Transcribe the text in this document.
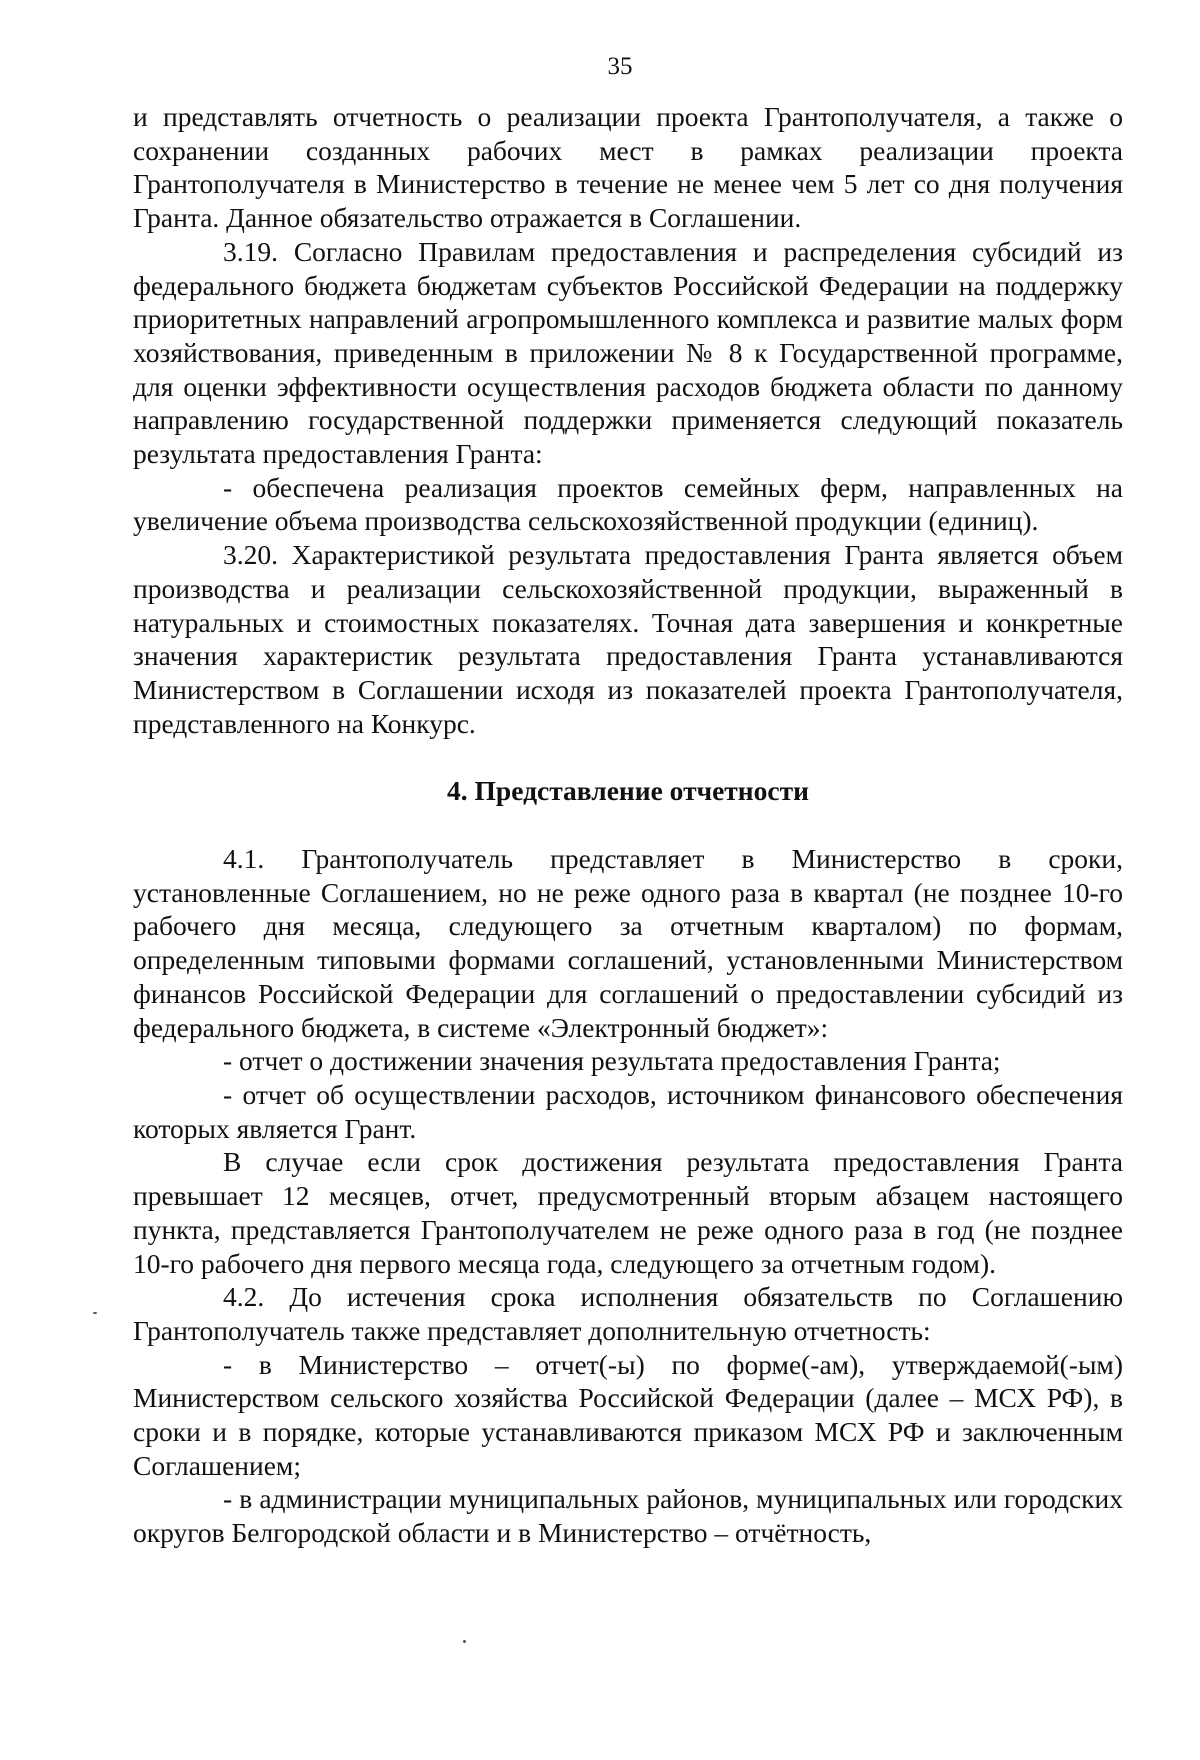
35

и представлять отчетность о реализации проекта Грантополучателя, а также о сохранении созданных рабочих мест в рамках реализации проекта Грантополучателя в Министерство в течение не менее чем 5 лет со дня получения Гранта. Данное обязательство отражается в Соглашении.

3.19. Согласно Правилам предоставления и распределения субсидий из федерального бюджета бюджетам субъектов Российской Федерации на поддержку приоритетных направлений агропромышленного комплекса и развитие малых форм хозяйствования, приведенным в приложении № 8 к Государственной программе, для оценки эффективности осуществления расходов бюджета области по данному направлению государственной поддержки применяется следующий показатель результата предоставления Гранта:

- обеспечена реализация проектов семейных ферм, направленных на увеличение объема производства сельскохозяйственной продукции (единиц).

3.20. Характеристикой результата предоставления Гранта является объем производства и реализации сельскохозяйственной продукции, выраженный в натуральных и стоимостных показателях. Точная дата завершения и конкретные значения характеристик результата предоставления Гранта устанавливаются Министерством в Соглашении исходя из показателей проекта Грантополучателя, представленного на Конкурс.

4. Представление отчетности

4.1. Грантополучатель представляет в Министерство в сроки, установленные Соглашением, но не реже одного раза в квартал (не позднее 10-го рабочего дня месяца, следующего за отчетным кварталом) по формам, определенным типовыми формами соглашений, установленными Министерством финансов Российской Федерации для соглашений о предоставлении субсидий из федерального бюджета, в системе «Электронный бюджет»:

- отчет о достижении значения результата предоставления Гранта;

- отчет об осуществлении расходов, источником финансового обеспечения которых является Грант.

В случае если срок достижения результата предоставления Гранта превышает 12 месяцев, отчет, предусмотренный вторым абзацем настоящего пункта, представляется Грантополучателем не реже одного раза в год (не позднее 10-го рабочего дня первого месяца года, следующего за отчетным годом).

4.2. До истечения срока исполнения обязательств по Соглашению Грантополучатель также представляет дополнительную отчетность:

- в Министерство – отчет(-ы) по форме(-ам), утверждаемой(-ым) Министерством сельского хозяйства Российской Федерации (далее – МСХ РФ), в сроки и в порядке, которые устанавливаются приказом МСХ РФ и заключенным Соглашением;

- в администрации муниципальных районов, муниципальных или городских округов Белгородской области и в Министерство – отчётность,
